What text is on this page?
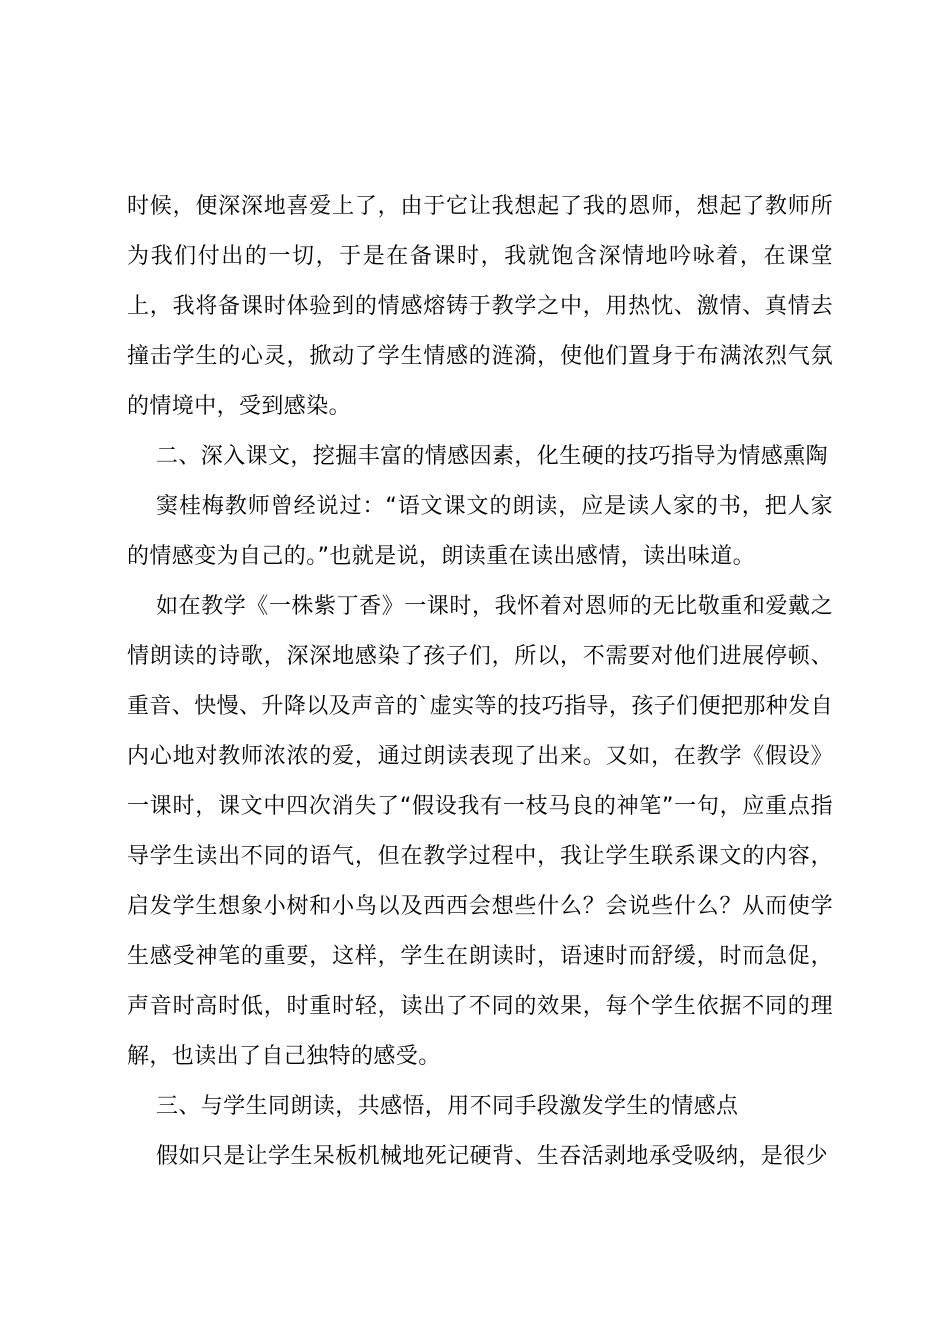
时候，便深深地喜爱上了，由于它让我想起了我的恩师，想起了教师所为我们付出的一切，于是在备课时，我就饱含深情地吟咏着，在课堂上，我将备课时体验到的情感熔铸于教学之中，用热忱、激情、真情去撞击学生的心灵，掀动了学生情感的涟漪，使他们置身于布满浓烈气氛的情境中，受到感染。

二、深入课文，挖掘丰富的情感因素，化生硬的技巧指导为情感熏陶

窦桂梅教师曾经说过：“语文课文的朗读，应是读人家的书，把人家的情感变为自己的。”也就是说，朗读重在读出感情，读出味道。

如在教学《一株紫丁香》一课时，我怀着对恩师的无比敬重和爱戴之情朗读的诗歌，深深地感染了孩子们，所以，不需要对他们进展停顿、重音、快慢、升降以及声音的`虚实等的技巧指导，孩子们便把那种发自内心地对教师浓浓的爱，通过朗读表现了出来。又如，在教学《假设》一课时，课文中四次消失了“假设我有一枝马良的神笔”一句，应重点指导学生读出不同的语气，但在教学过程中，我让学生联系课文的内容，启发学生想象小树和小鸟以及西西会想些什么？会说些什么？从而使学生感受神笔的重要，这样，学生在朗读时，语速时而舒缓，时而急促，声音时高时低，时重时轻，读出了不同的效果，每个学生依据不同的理解，也读出了自己独特的感受。

三、与学生同朗读，共感悟，用不同手段激发学生的情感点

假如只是让学生呆板机械地死记硬背、生吞活剥地承受吸纳，是很少
